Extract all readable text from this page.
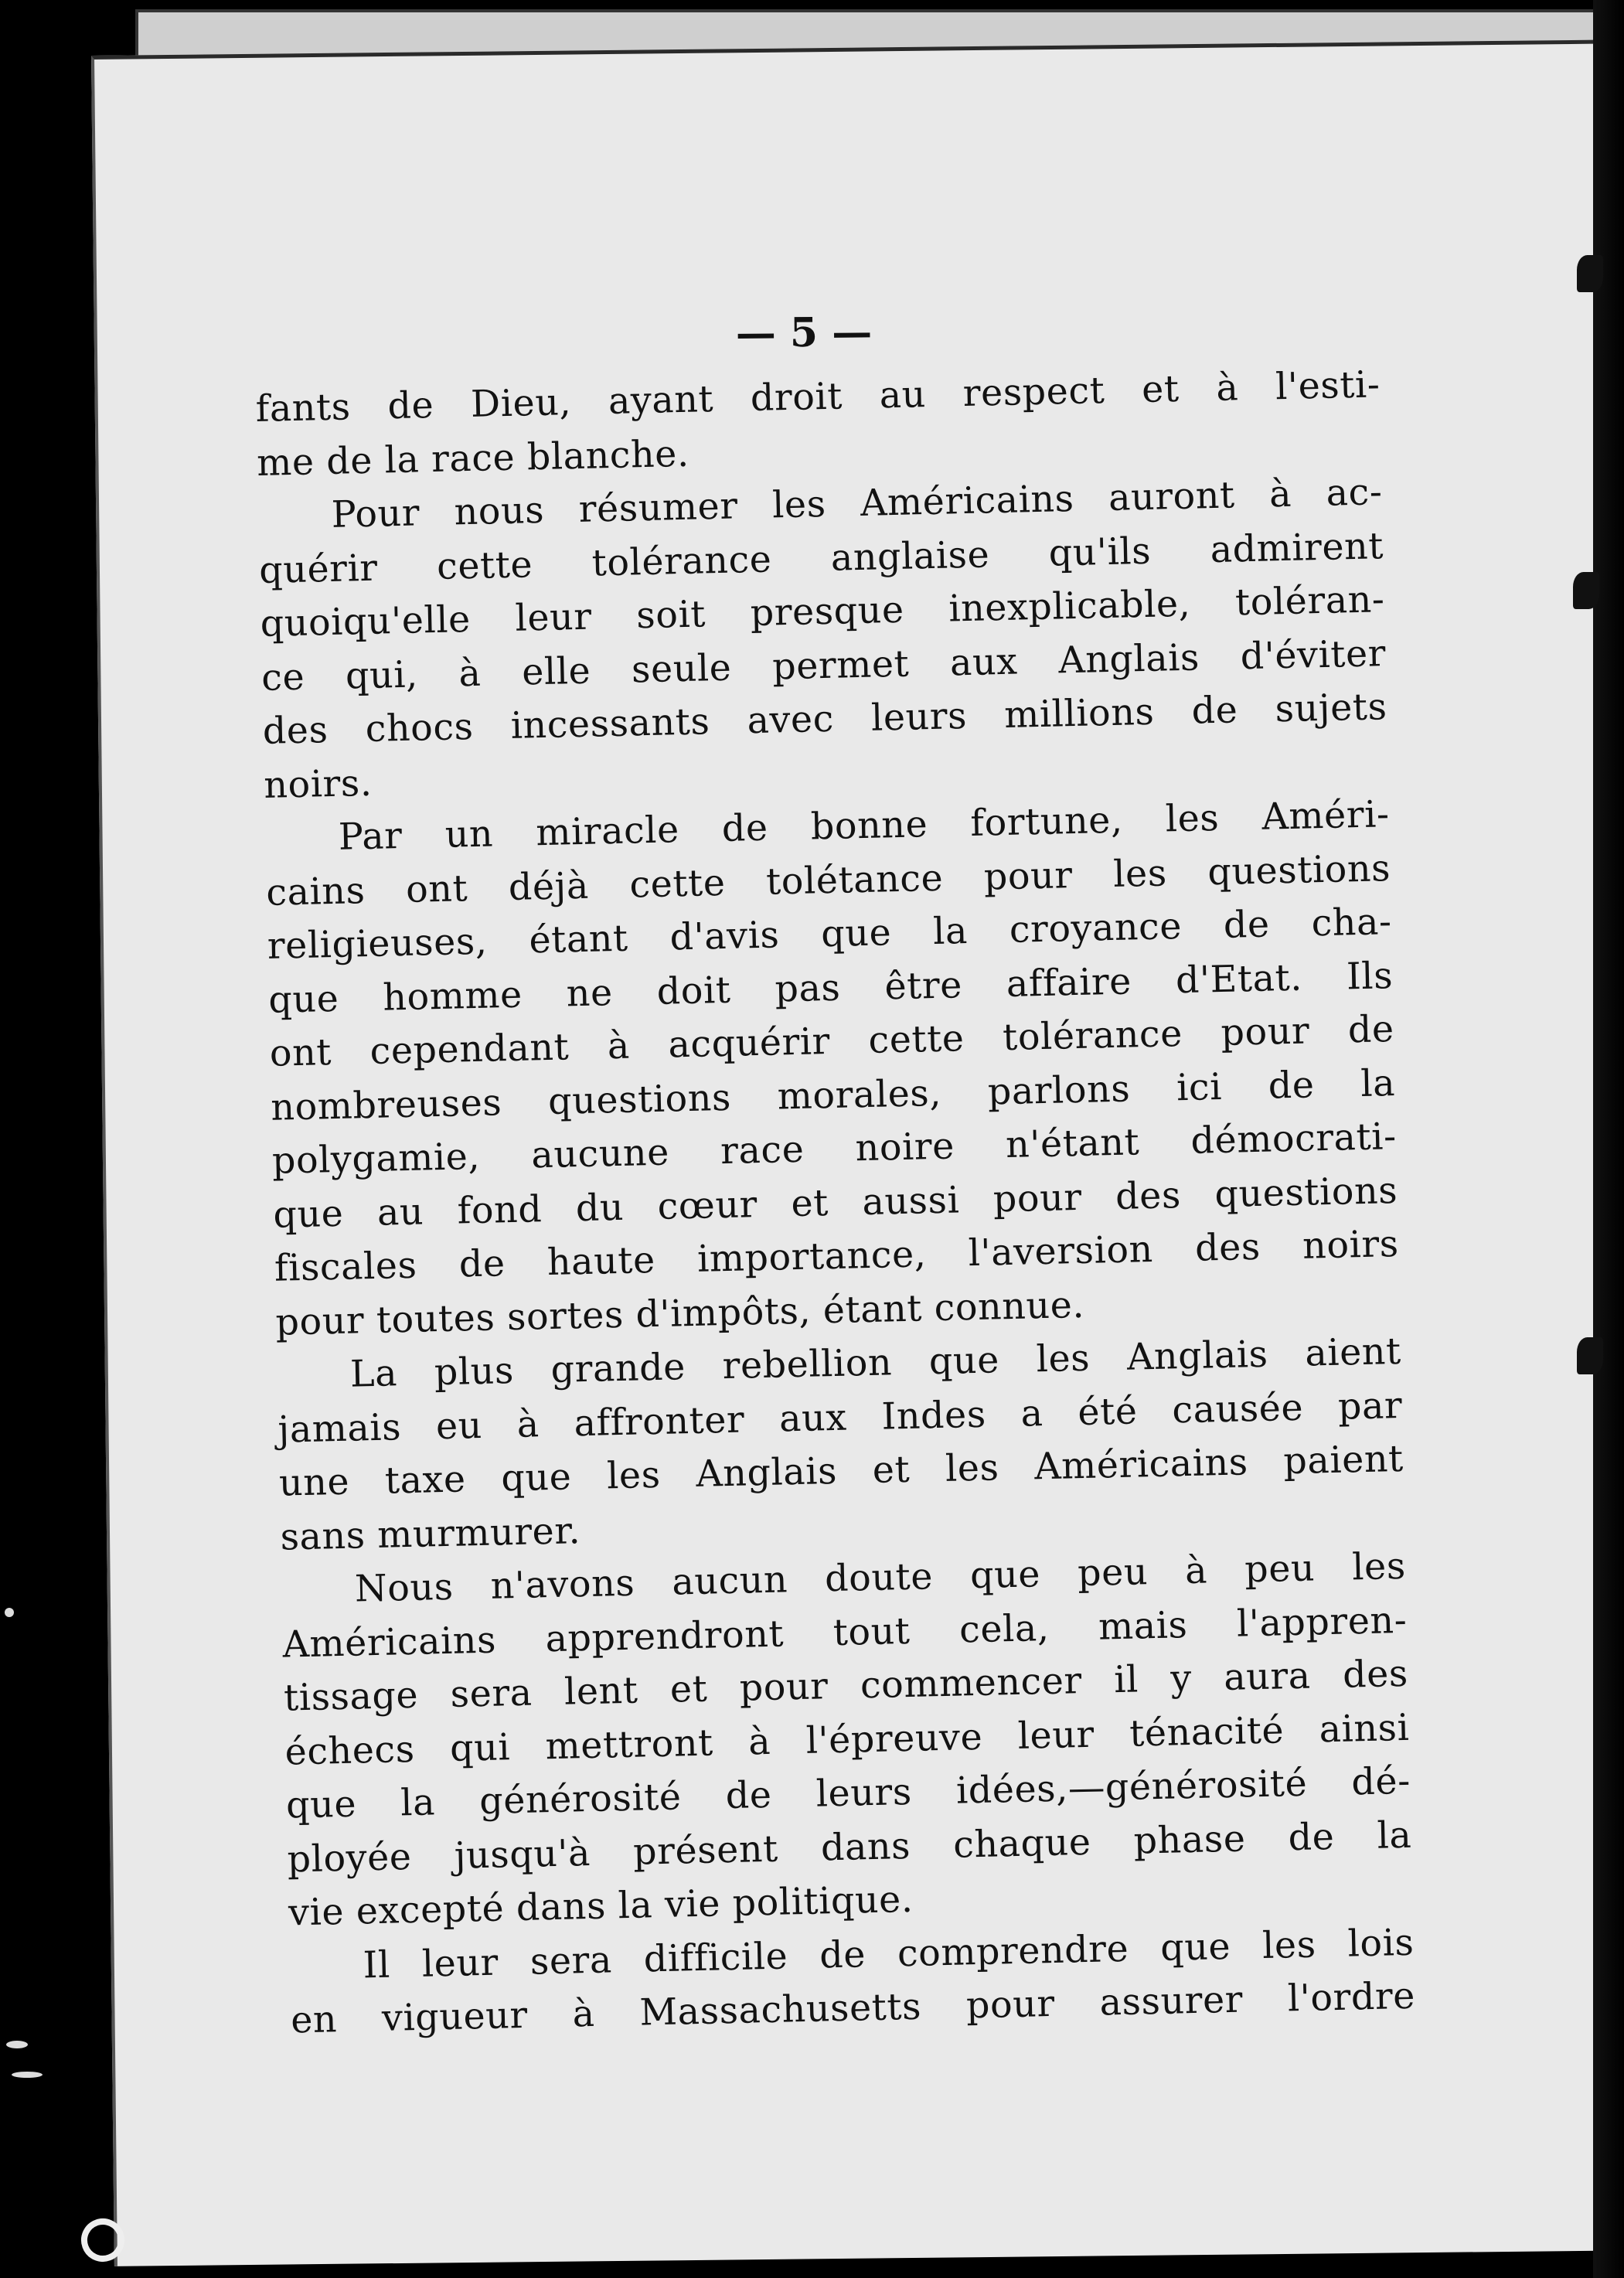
— 5 —
fants de Dieu, ayant droit au respect et à l'esti-
me de la race blanche.
Pour nous résumer les Américains auront à ac-
quérir cette tolérance anglaise qu'ils admirent
quoiqu'elle leur soit presque inexplicable, toléran-
ce qui, à elle seule permet aux Anglais d'éviter
des chocs incessants avec leurs millions de sujets
noirs.
Par un miracle de bonne fortune, les Améri-
cains ont déjà cette tolétance pour les questions
religieuses, étant d'avis que la croyance de cha-
que homme ne doit pas être affaire d'Etat. Ils
ont cependant à acquérir cette tolérance pour de
nombreuses questions morales, parlons ici de la
polygamie, aucune race noire n'étant démocrati-
que au fond du cœur et aussi pour des questions
fiscales de haute importance, l'aversion des noirs
pour toutes sortes d'impôts, étant connue.
La plus grande rebellion que les Anglais aient
jamais eu à affronter aux Indes a été causée par
une taxe que les Anglais et les Américains paient
sans murmurer.
Nous n'avons aucun doute que peu à peu les
Américains apprendront tout cela, mais l'appren-
tissage sera lent et pour commencer il y aura des
échecs qui mettront à l'épreuve leur ténacité ainsi
que la générosité de leurs idées,—générosité dé-
ployée jusqu'à présent dans chaque phase de la
vie excepté dans la vie politique.
Il leur sera difficile de comprendre que les lois
en vigueur à Massachusetts pour assurer l'ordre
